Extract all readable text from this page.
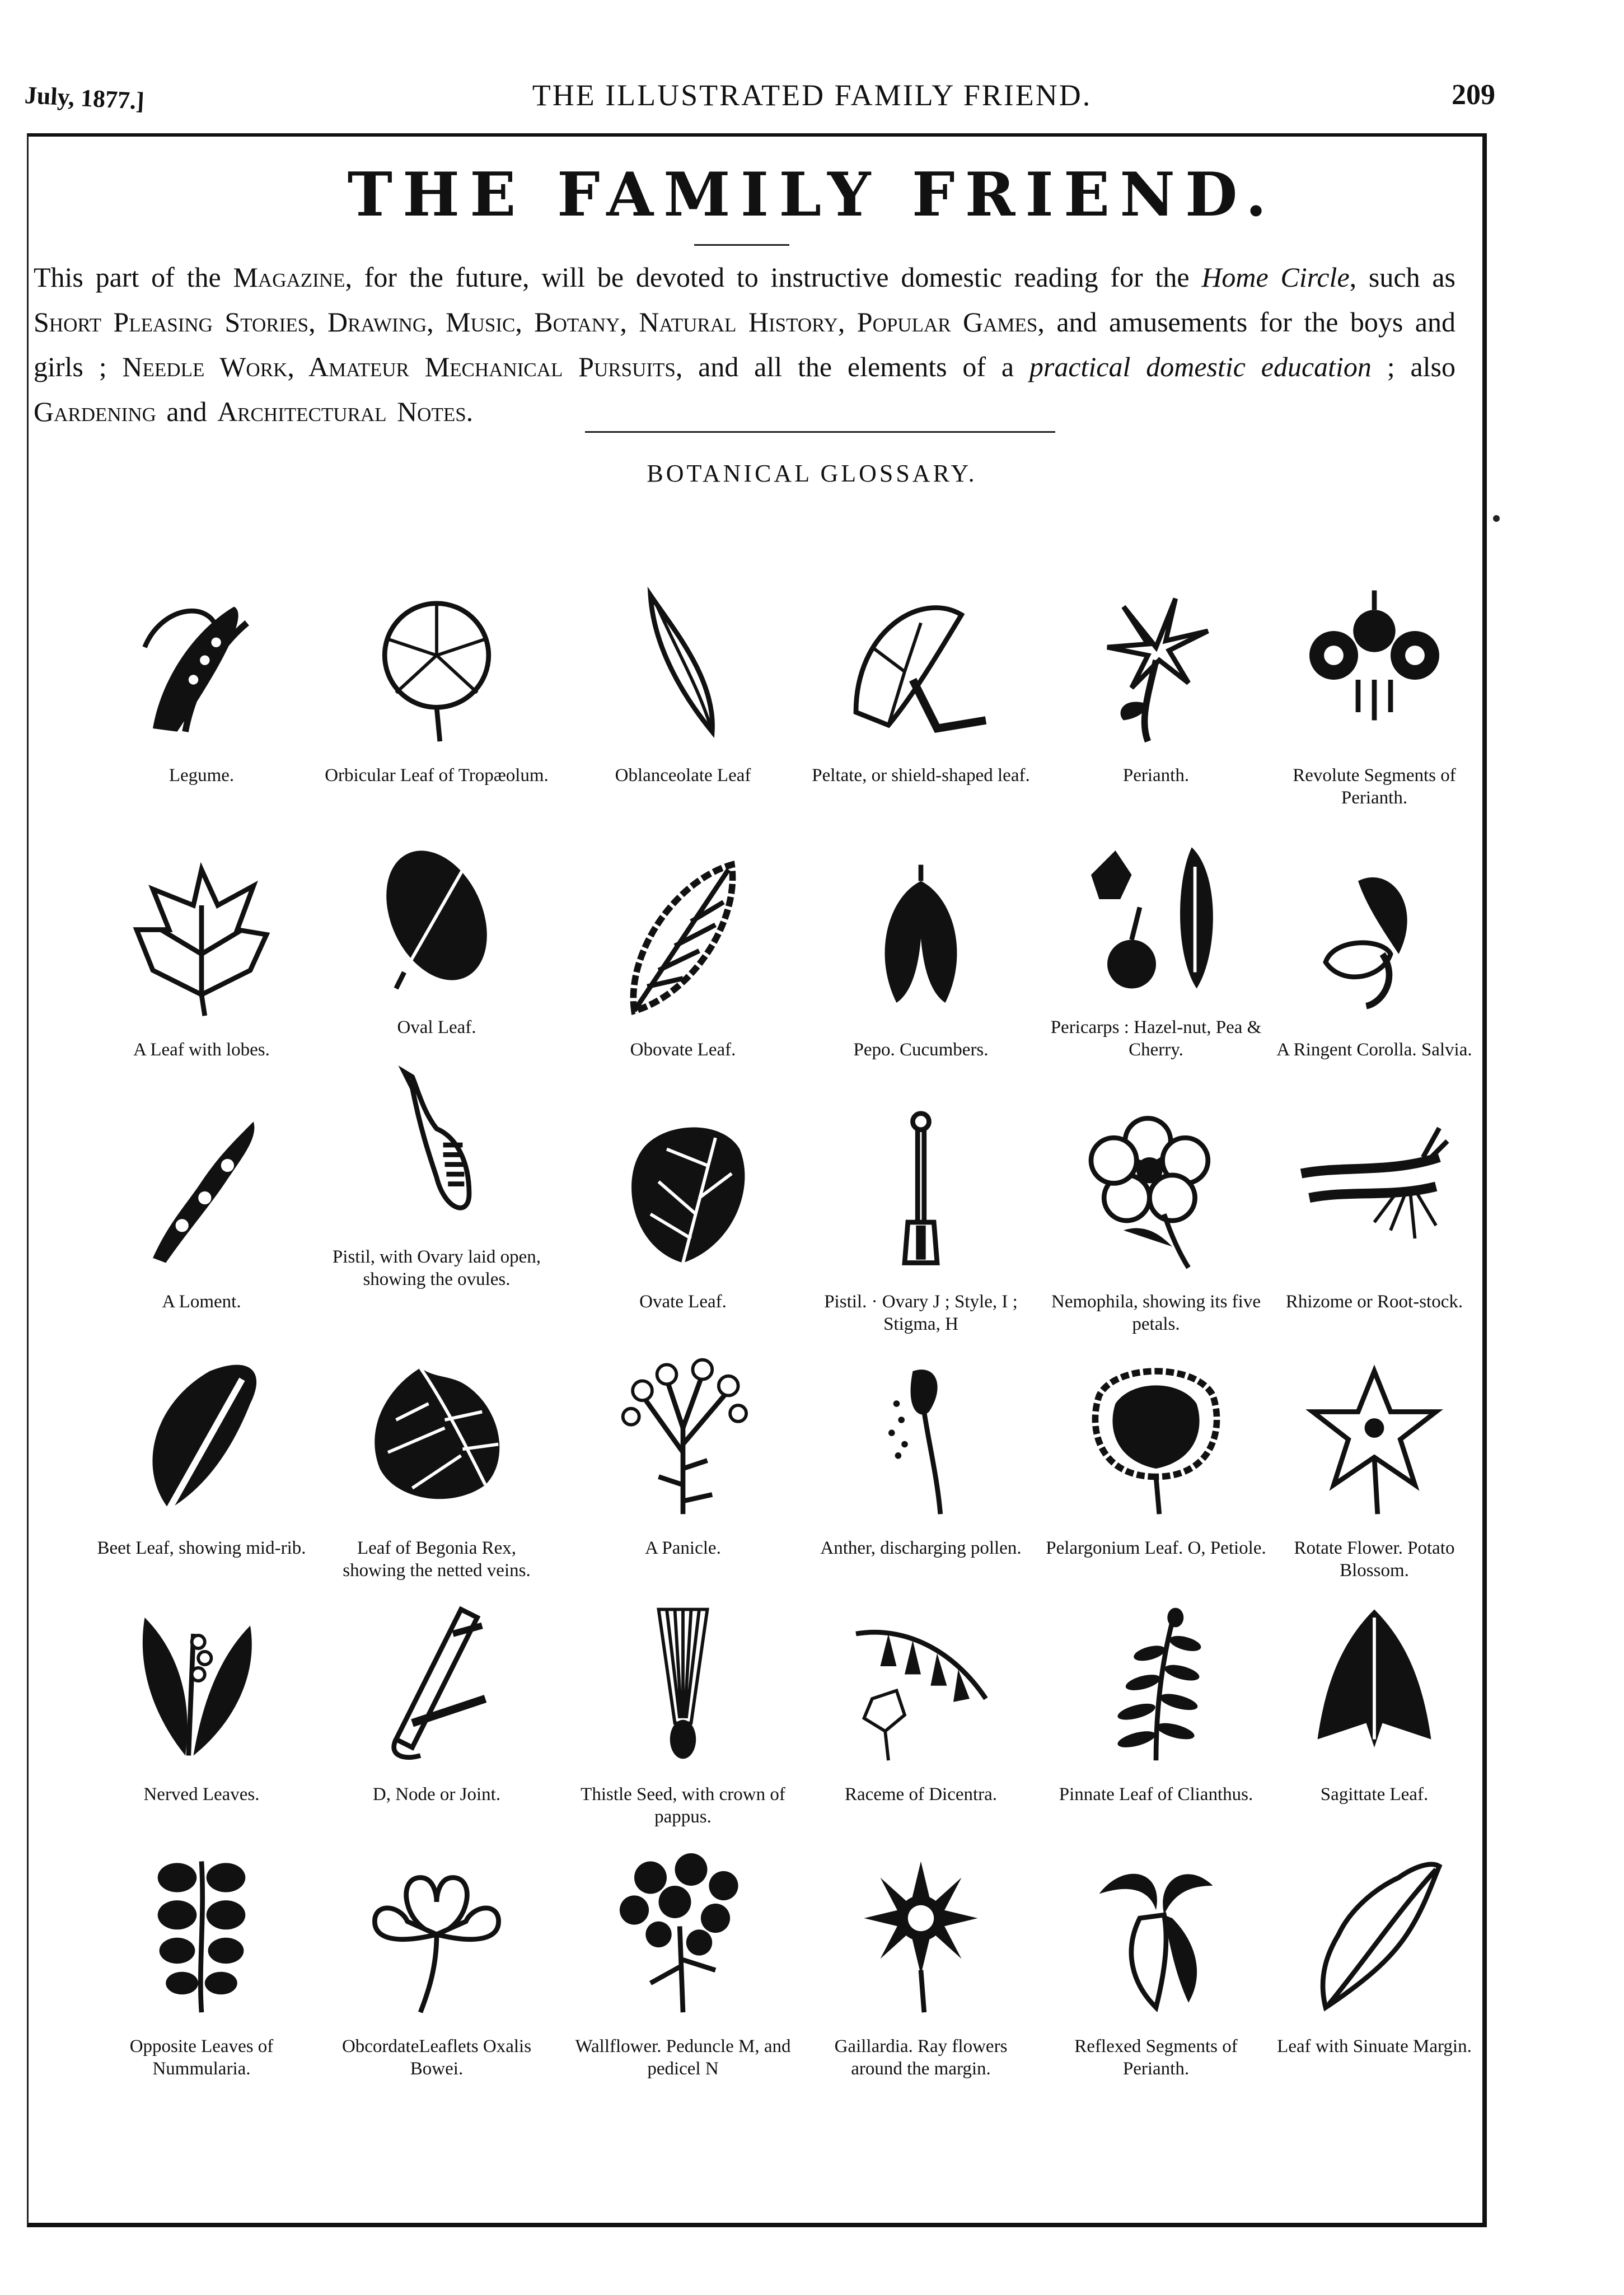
July, 1877.]	THE ILLUSTRATED FAMILY FRIEND.	209
THE FAMILY FRIEND.
This part of the Magazine, for the future, will be devoted to instructive domestic reading for the Home Circle, such as Short Pleasing Stories, Drawing, Music, Botany, Natural History, Popular Games, and amusements for the boys and girls ; Needle Work, Amateur Mechanical Pursuits, and all the elements of a practical domestic education ; also Gardening and Architectural Notes.
BOTANICAL GLOSSARY.
Legume.	Orbicular Leaf of Tropæolum.	Oblanceolate Leaf	Peltate, or shield-shaped leaf.	Perianth.	Revolute Segments of Perianth.
A Leaf with lobes.
Oval Leaf.
Obovate Leaf.	Pepo. Cucumbers.
Pericarps : Hazel-nut, Pea & Cherry.	A Ringent Corolla. Salvia.
A Loment.
Pistil, with Ovary laid open, showing the ovules.
Ovate Leaf.	Pistil. · Ovary J ; Style, I ; Stigma, H
Nemophila, showing its five petals.
Rhizome or Root-stock.
Beet Leaf, showing mid-rib.	Leaf of Begonia Rex, showing the netted veins.
A Panicle.	Anther, discharging pollen.	Pelargonium Leaf. O, Petiole.	Rotate Flower. Potato Blossom.
Nerved Leaves.	D, Node or Joint.	Thistle Seed, with crown of pappus.
Raceme of Dicentra.	Pinnate Leaf of Clianthus.	Sagittate Leaf.
Opposite Leaves of Nummularia.
ObcordateLeaflets Oxalis Bowei.
Wallflower. Peduncle M, and pedicel N
Gaillardia. Ray flowers around the margin.
Reflexed Segments of Perianth.
Leaf with Sinuate Margin.
